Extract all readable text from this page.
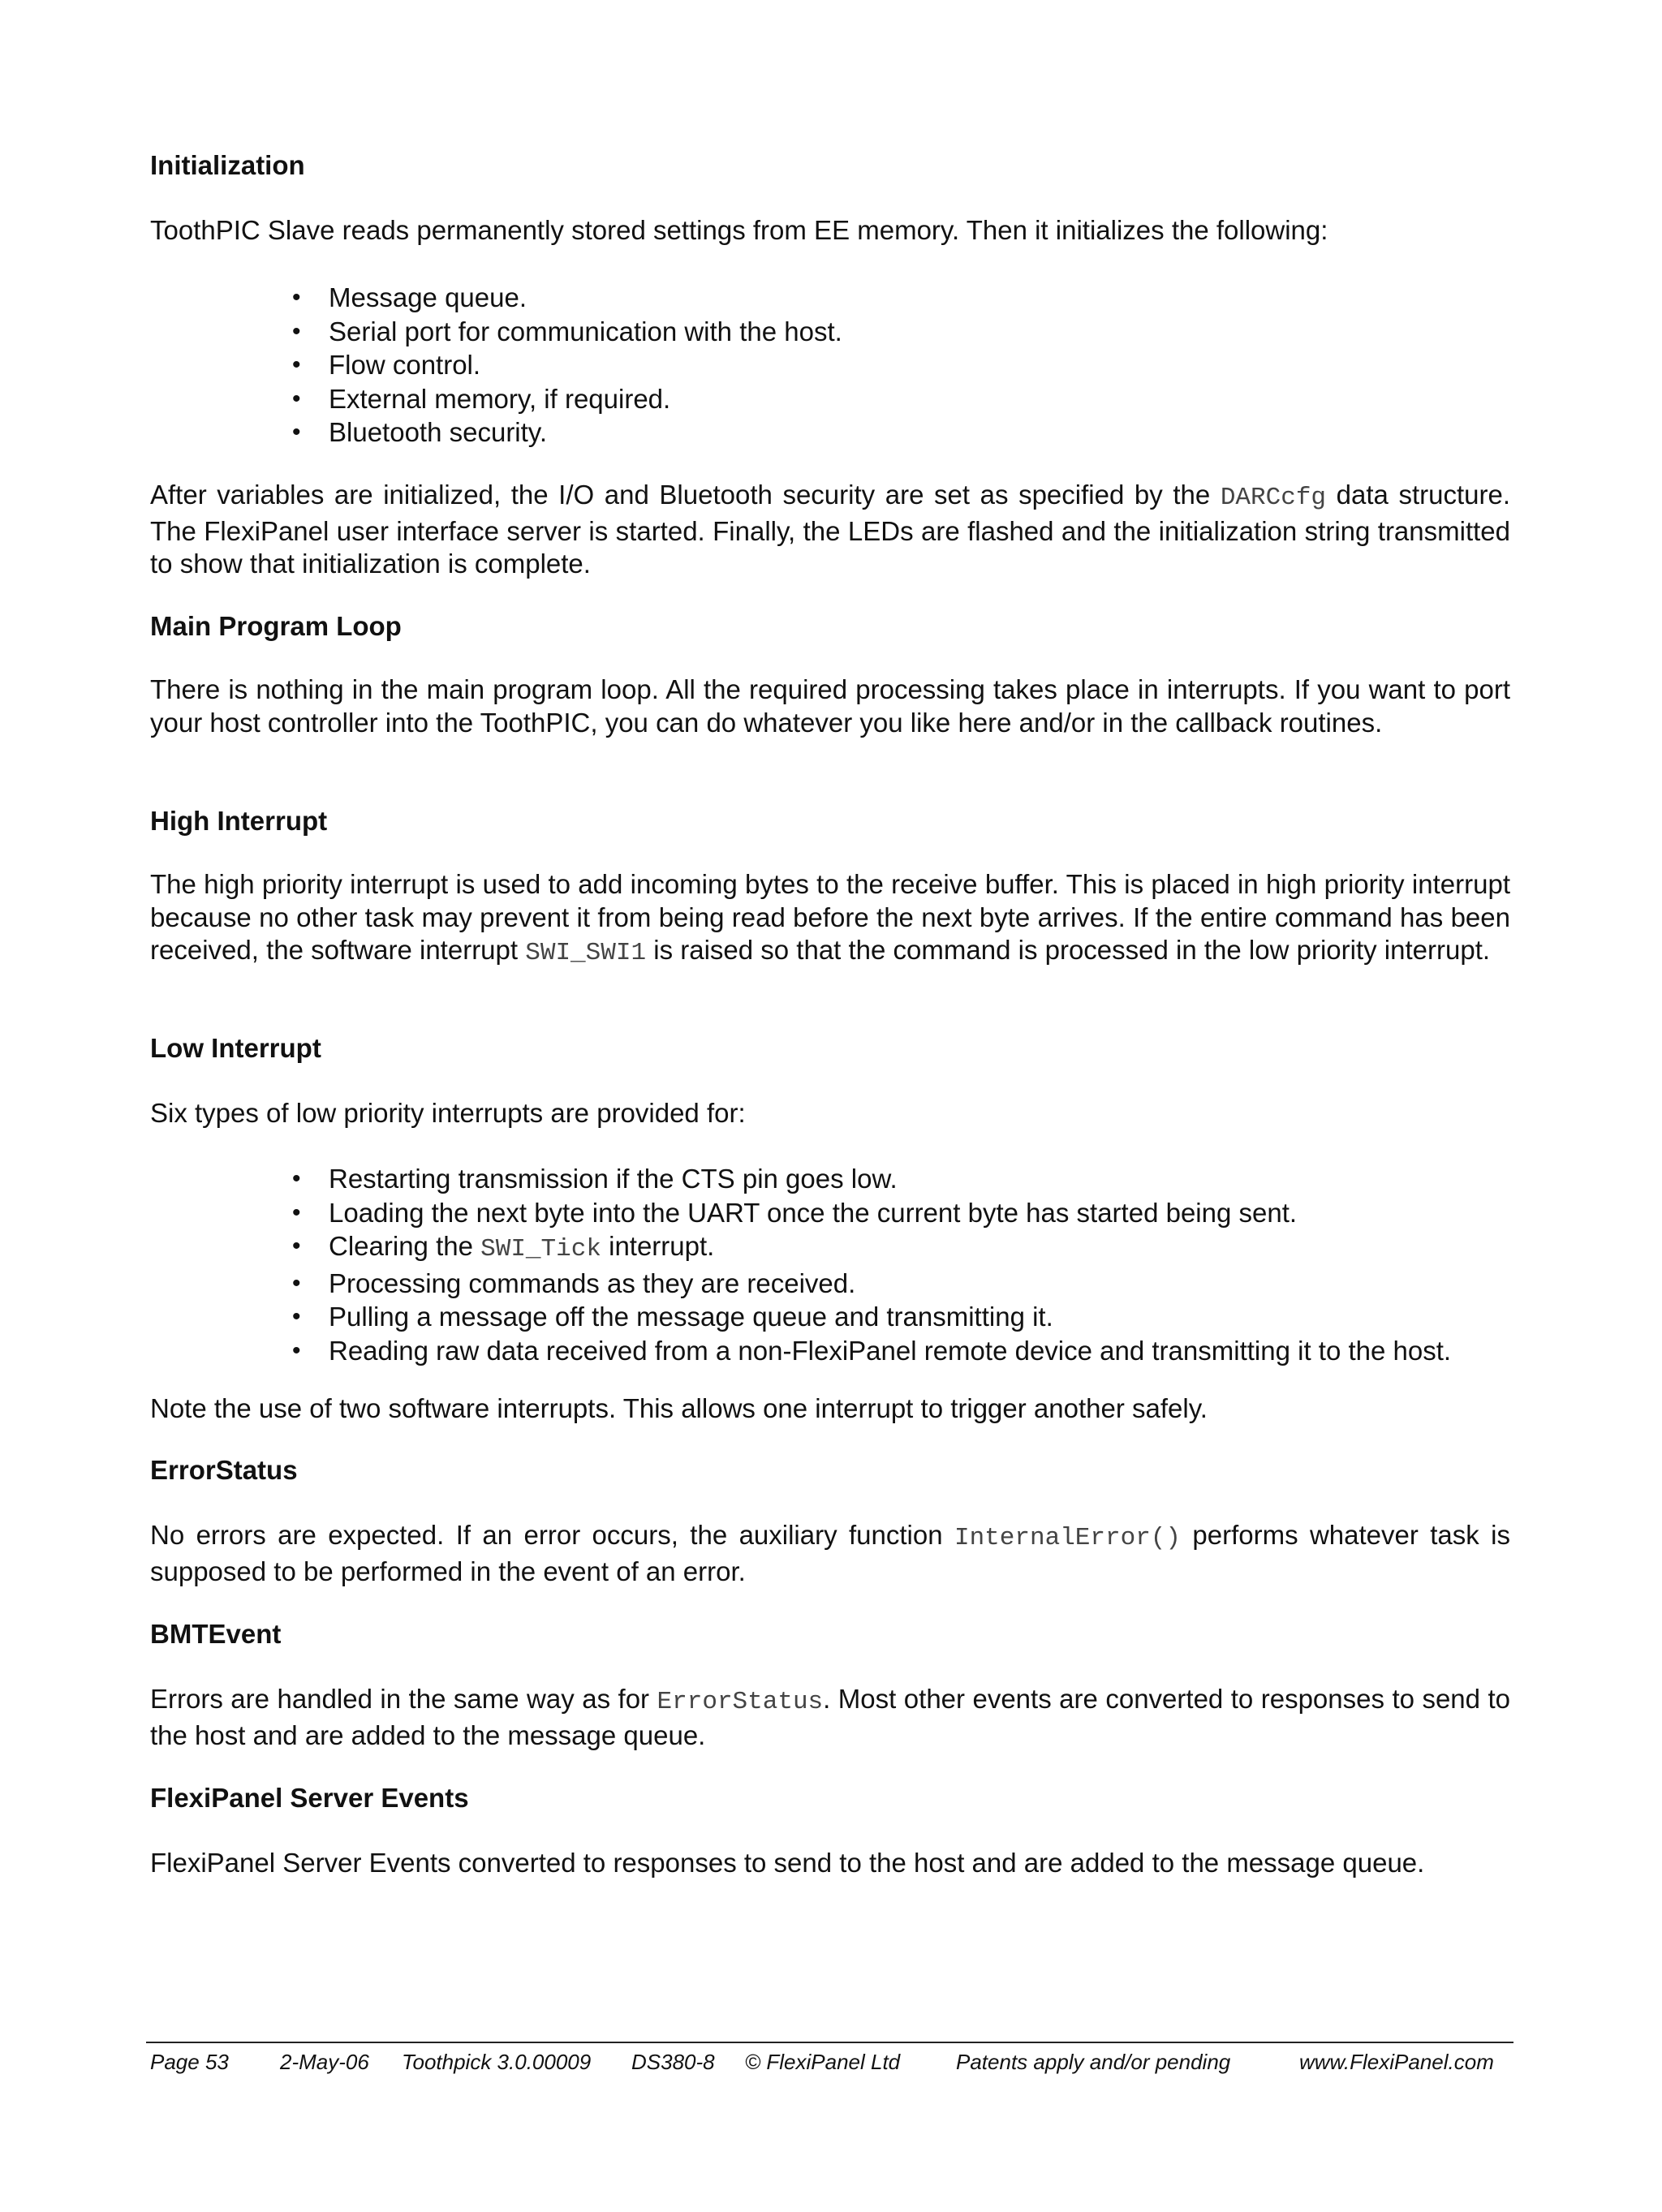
Initialization

ToothPIC Slave reads permanently stored settings from EE memory. Then it initializes the following:

• Message queue.
• Serial port for communication with the host.
• Flow control.
• External memory, if required.
• Bluetooth security.

After variables are initialized, the I/O and Bluetooth security are set as specified by the DARCcfg data structure. The FlexiPanel user interface server is started. Finally, the LEDs are flashed and the initialization string transmitted to show that initialization is complete.

Main Program Loop

There is nothing in the main program loop. All the required processing takes place in interrupts. If you want to port your host controller into the ToothPIC, you can do whatever you like here and/or in the callback routines.

High Interrupt

The high priority interrupt is used to add incoming bytes to the receive buffer. This is placed in high priority interrupt because no other task may prevent it from being read before the next byte arrives. If the entire command has been received, the software interrupt SWI_SWI1 is raised so that the command is processed in the low priority interrupt.

Low Interrupt

Six types of low priority interrupts are provided for:

• Restarting transmission if the CTS pin goes low.
• Loading the next byte into the UART once the current byte has started being sent.
• Clearing the SWI_Tick interrupt.
• Processing commands as they are received.
• Pulling a message off the message queue and transmitting it.
• Reading raw data received from a non-FlexiPanel remote device and transmitting it to the host.

Note the use of two software interrupts. This allows one interrupt to trigger another safely.

ErrorStatus

No errors are expected. If an error occurs, the auxiliary function InternalError() performs whatever task is supposed to be performed in the event of an error.

BMTEvent

Errors are handled in the same way as for ErrorStatus. Most other events are converted to responses to send to the host and are added to the message queue.

FlexiPanel Server Events

FlexiPanel Server Events converted to responses to send to the host and are added to the message queue.

Page 53 2-May-06 Toothpick 3.0.00009 DS380-8 © FlexiPanel Ltd	Patents apply and/or pending	www.FlexiPanel.com
